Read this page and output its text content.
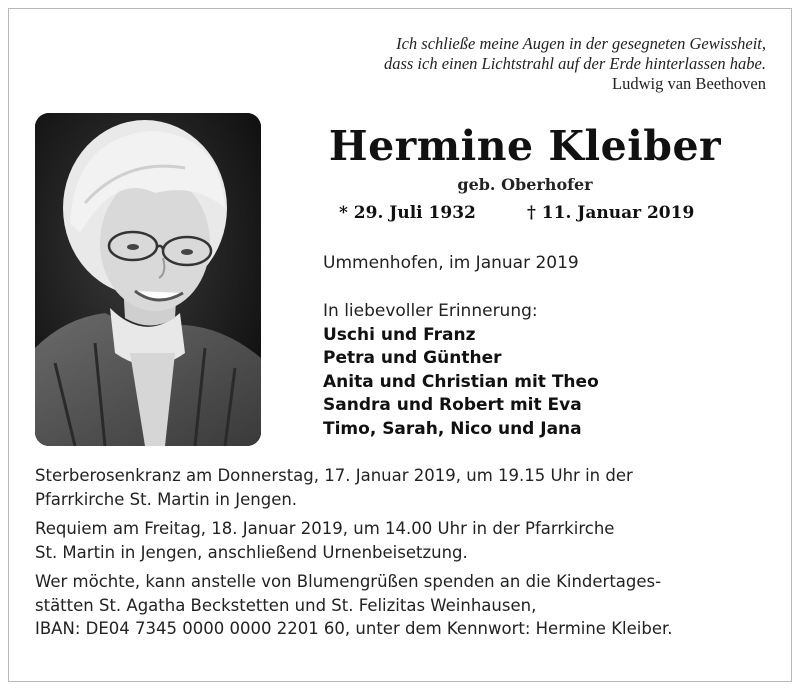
Ich schließe meine Augen in der gesegneten Gewissheit,
dass ich einen Lichtstrahl auf der Erde hinterlassen habe.
Ludwig van Beethoven
Hermine Kleiber
geb. Oberhofer
* 29. Juli 1932	† 11. Januar 2019
Ummenhofen, im Januar 2019
In liebevoller Erinnerung:
Uschi und Franz
Petra und Günther
Anita und Christian mit Theo
Sandra und Robert mit Eva
Timo, Sarah, Nico und Jana

Sterberosenkranz am Donnerstag, 17. Januar 2019, um 19.15 Uhr in der
Pfarrkirche St. Martin in Jengen.

Requiem am Freitag, 18. Januar 2019, um 14.00 Uhr in der Pfarrkirche
St. Martin in Jengen, anschließend Urnenbeisetzung.

Wer möchte, kann anstelle von Blumengrüßen spenden an die Kindertages-
stätten St. Agatha Beckstetten und St. Felizitas Weinhausen,
IBAN: DE04 7345 0000 0000 2201 60, unter dem Kennwort: Hermine Kleiber.
